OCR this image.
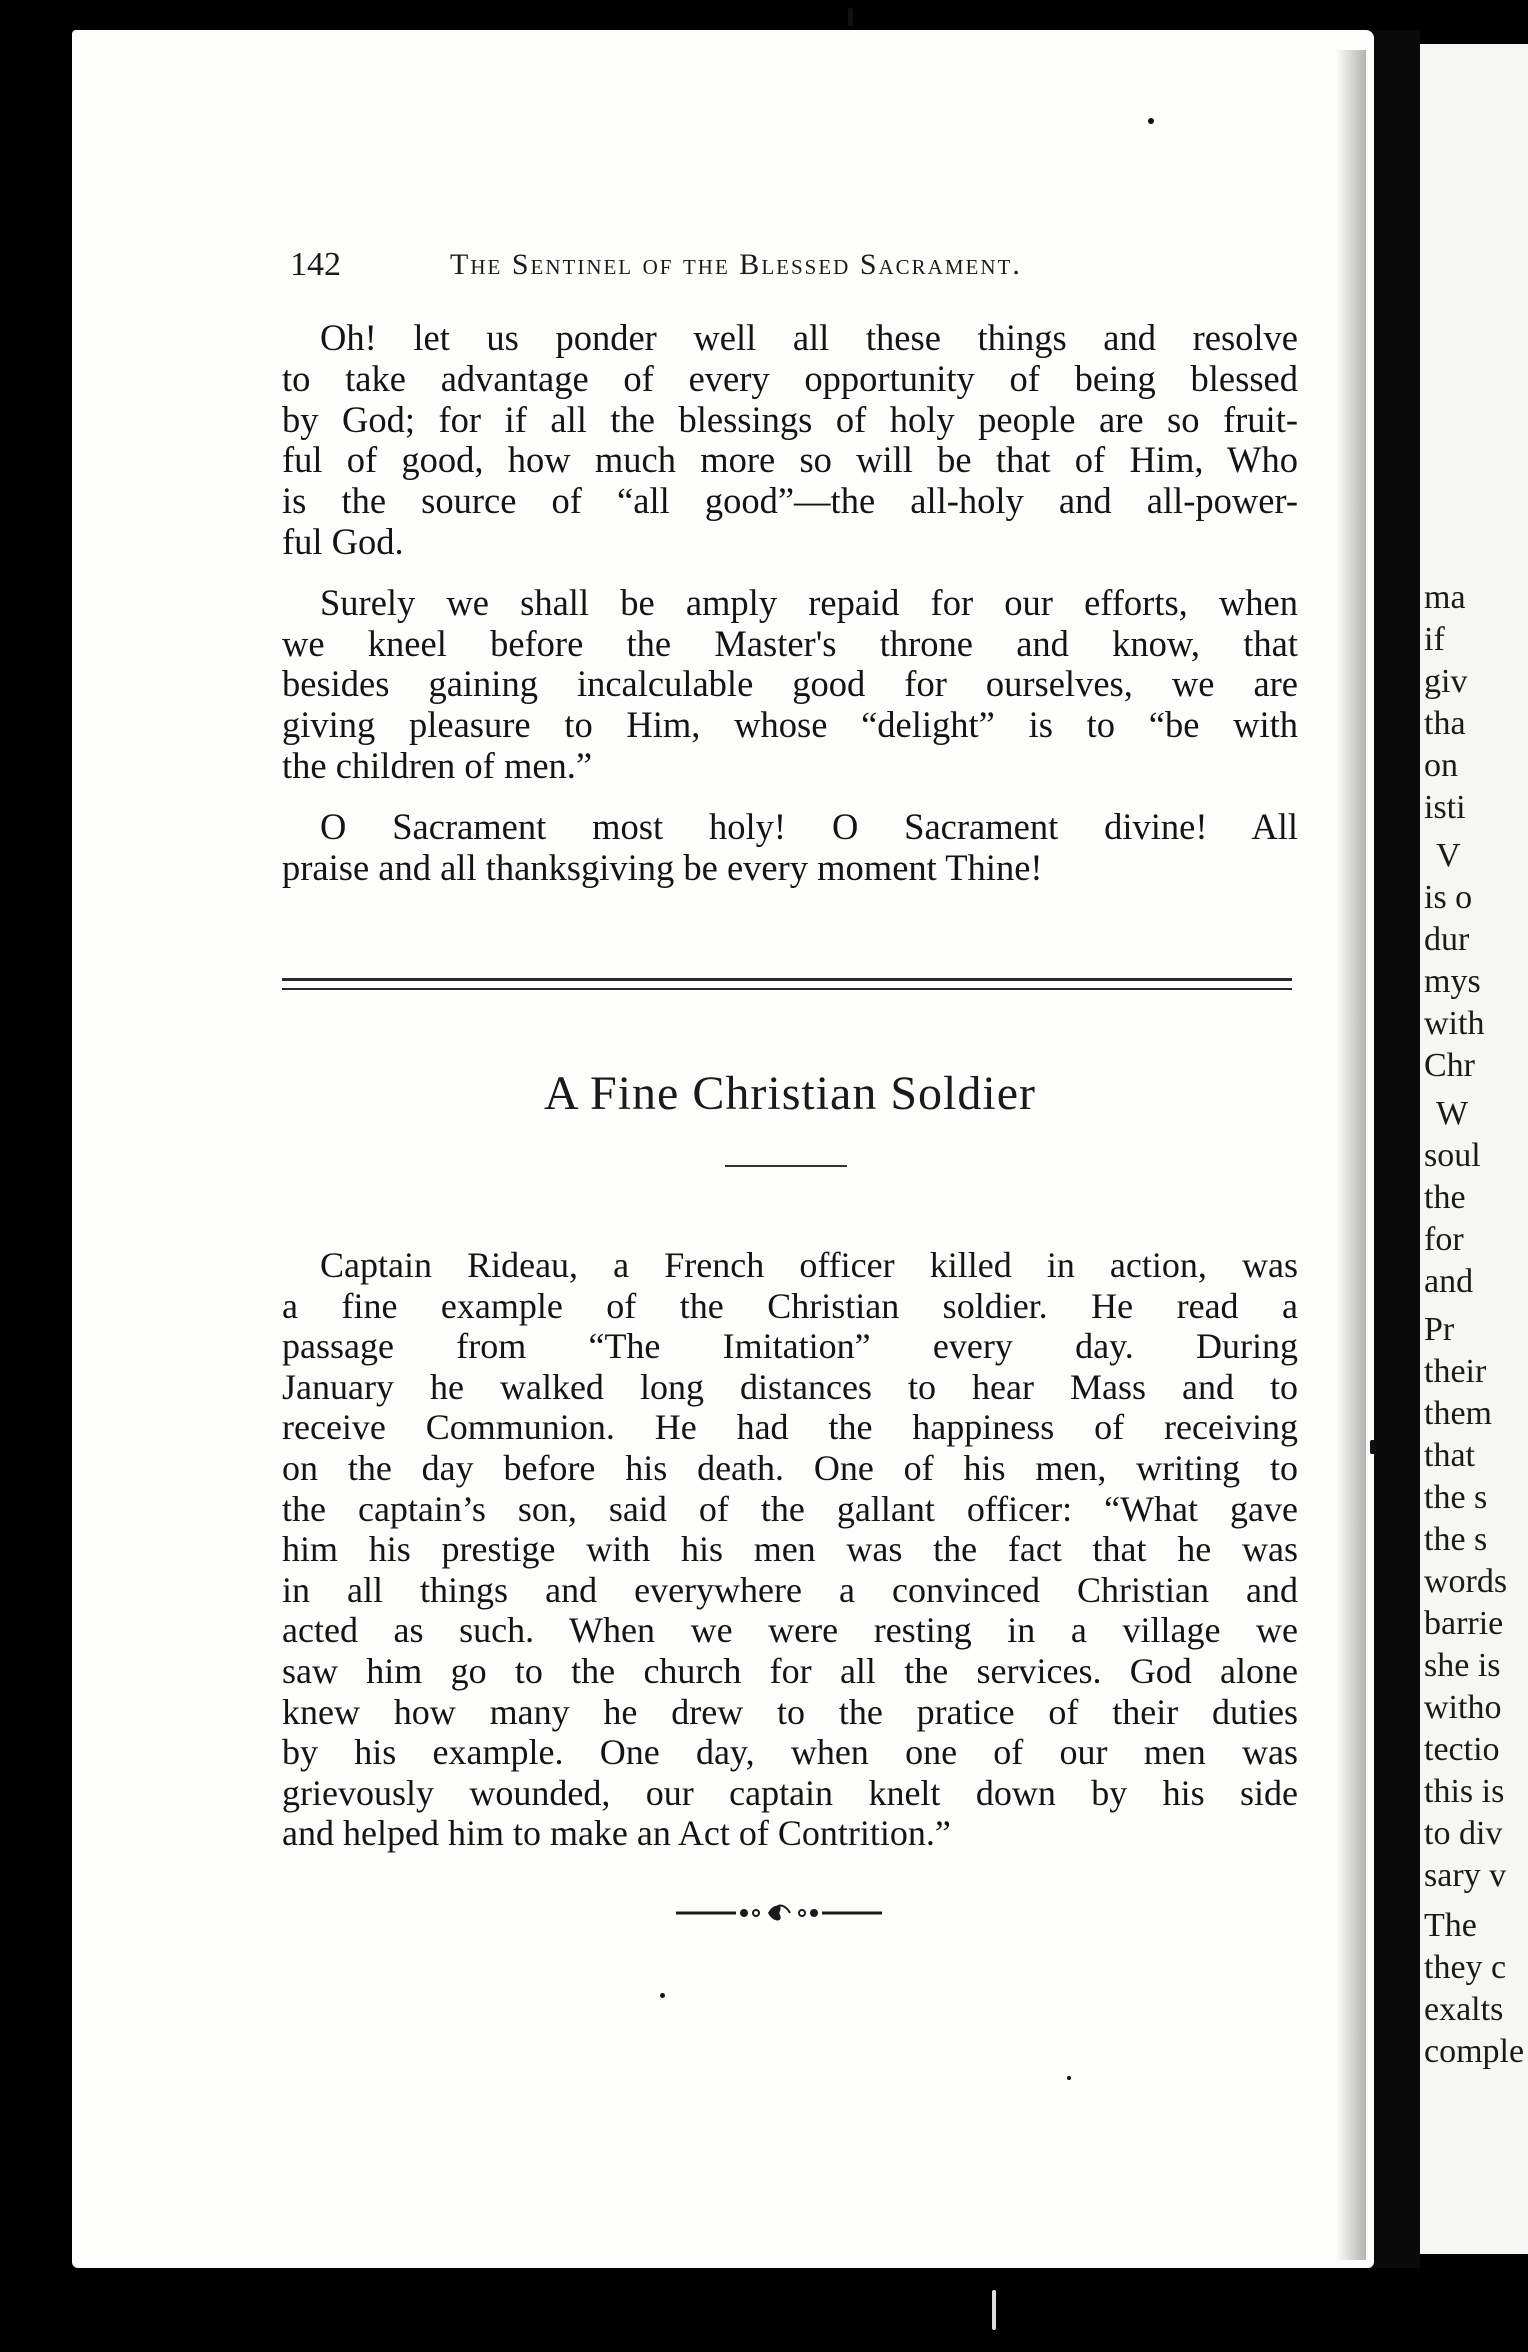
ma
if
giv
tha
on
isti
V
is o
dur
mys
with
Chr
W
soul
the
for
and
Pr
their
them
that
the s
the s
words
barrie
she is
witho
tectio
this is
to div
sary v
The
they c
exalts
comple
142	The Sentinel of the Blessed Sacrament.

Oh! let us ponder well all these things and resolve
to take advantage of every opportunity of being blessed
by God; for if all the blessings of holy people are so fruit-
ful of good, how much more so will be that of Him, Who
is the source of “all good”—the all-holy and all-power-
ful God.

Surely we shall be amply repaid for our efforts, when
we kneel before the Master's throne and know, that
besides gaining incalculable good for ourselves, we are
giving pleasure to Him, whose “delight” is to “be with
the children of men.”

O Sacrament most holy! O Sacrament divine! All
praise and all thanksgiving be every moment Thine!

A Fine Christian Soldier

Captain Rideau, a French officer killed in action, was
a fine example of the Christian soldier. He read a
passage from “The Imitation” every day. During
January he walked long distances to hear Mass and to
receive Communion. He had the happiness of receiving
on the day before his death. One of his men, writing to
the captain’s son, said of the gallant officer: “What gave
him his prestige with his men was the fact that he was
in all things and everywhere a convinced Christian and
acted as such. When we were resting in a village we
saw him go to the church for all the services. God alone
knew how many he drew to the pratice of their duties
by his example. One day, when one of our men was
grievously wounded, our captain knelt down by his side
and helped him to make an Act of Contrition.”
